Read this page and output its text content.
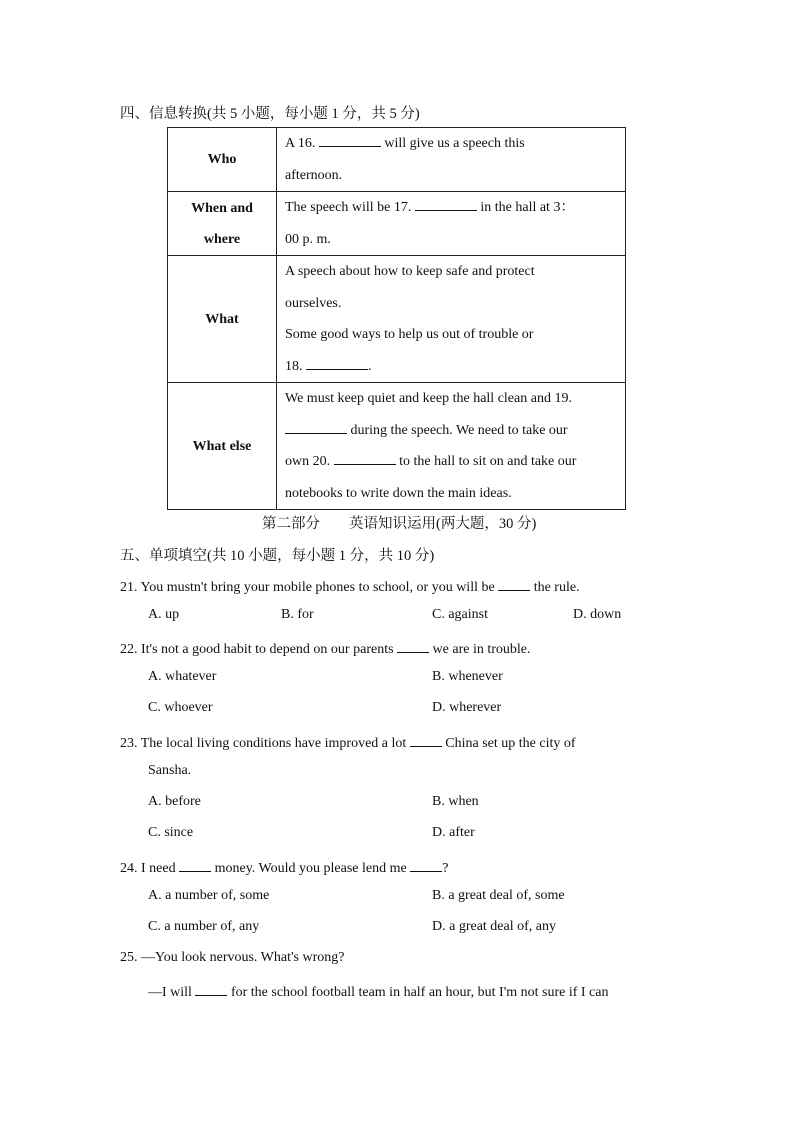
四、信息转换(共 5 小题，每小题 1 分，共 5 分)
Who	A 16. will give us a speech this
afternoon.

When and
where	The speech will be 17. in the hall at 3：
00 p. m.

What	A speech about how to keep safe and protect
ourselves.
Some good ways to help us out of trouble or
18. .

What else	We must keep quiet and keep the hall clean and 19.
during the speech. We need to take our
own 20. to the hall to sit on and take our
notebooks to write down the main ideas.
第二部分　　英语知识运用(两大题，30 分)
五、单项填空(共 10 小题，每小题 1 分，共 10 分)
21. You mustn't bring your mobile phones to school, or you will be  the rule.
A. up	B. for	C. against	D. down
22. It's not a good habit to depend on our parents  we are in trouble.
A. whatever	B. whenever
C. whoever	D. wherever
23. The local living conditions have improved a lot  China set up the city of
Sansha.
A. before	B. when
C. since	D. after
24. I need  money. Would you please lend me ?
A. a number of, some	B. a great deal of, some
C. a number of, any	D. a great deal of, any
25. —You look nervous. What's wrong?
—I will  for the school football team in half an hour, but I'm not sure if I can
